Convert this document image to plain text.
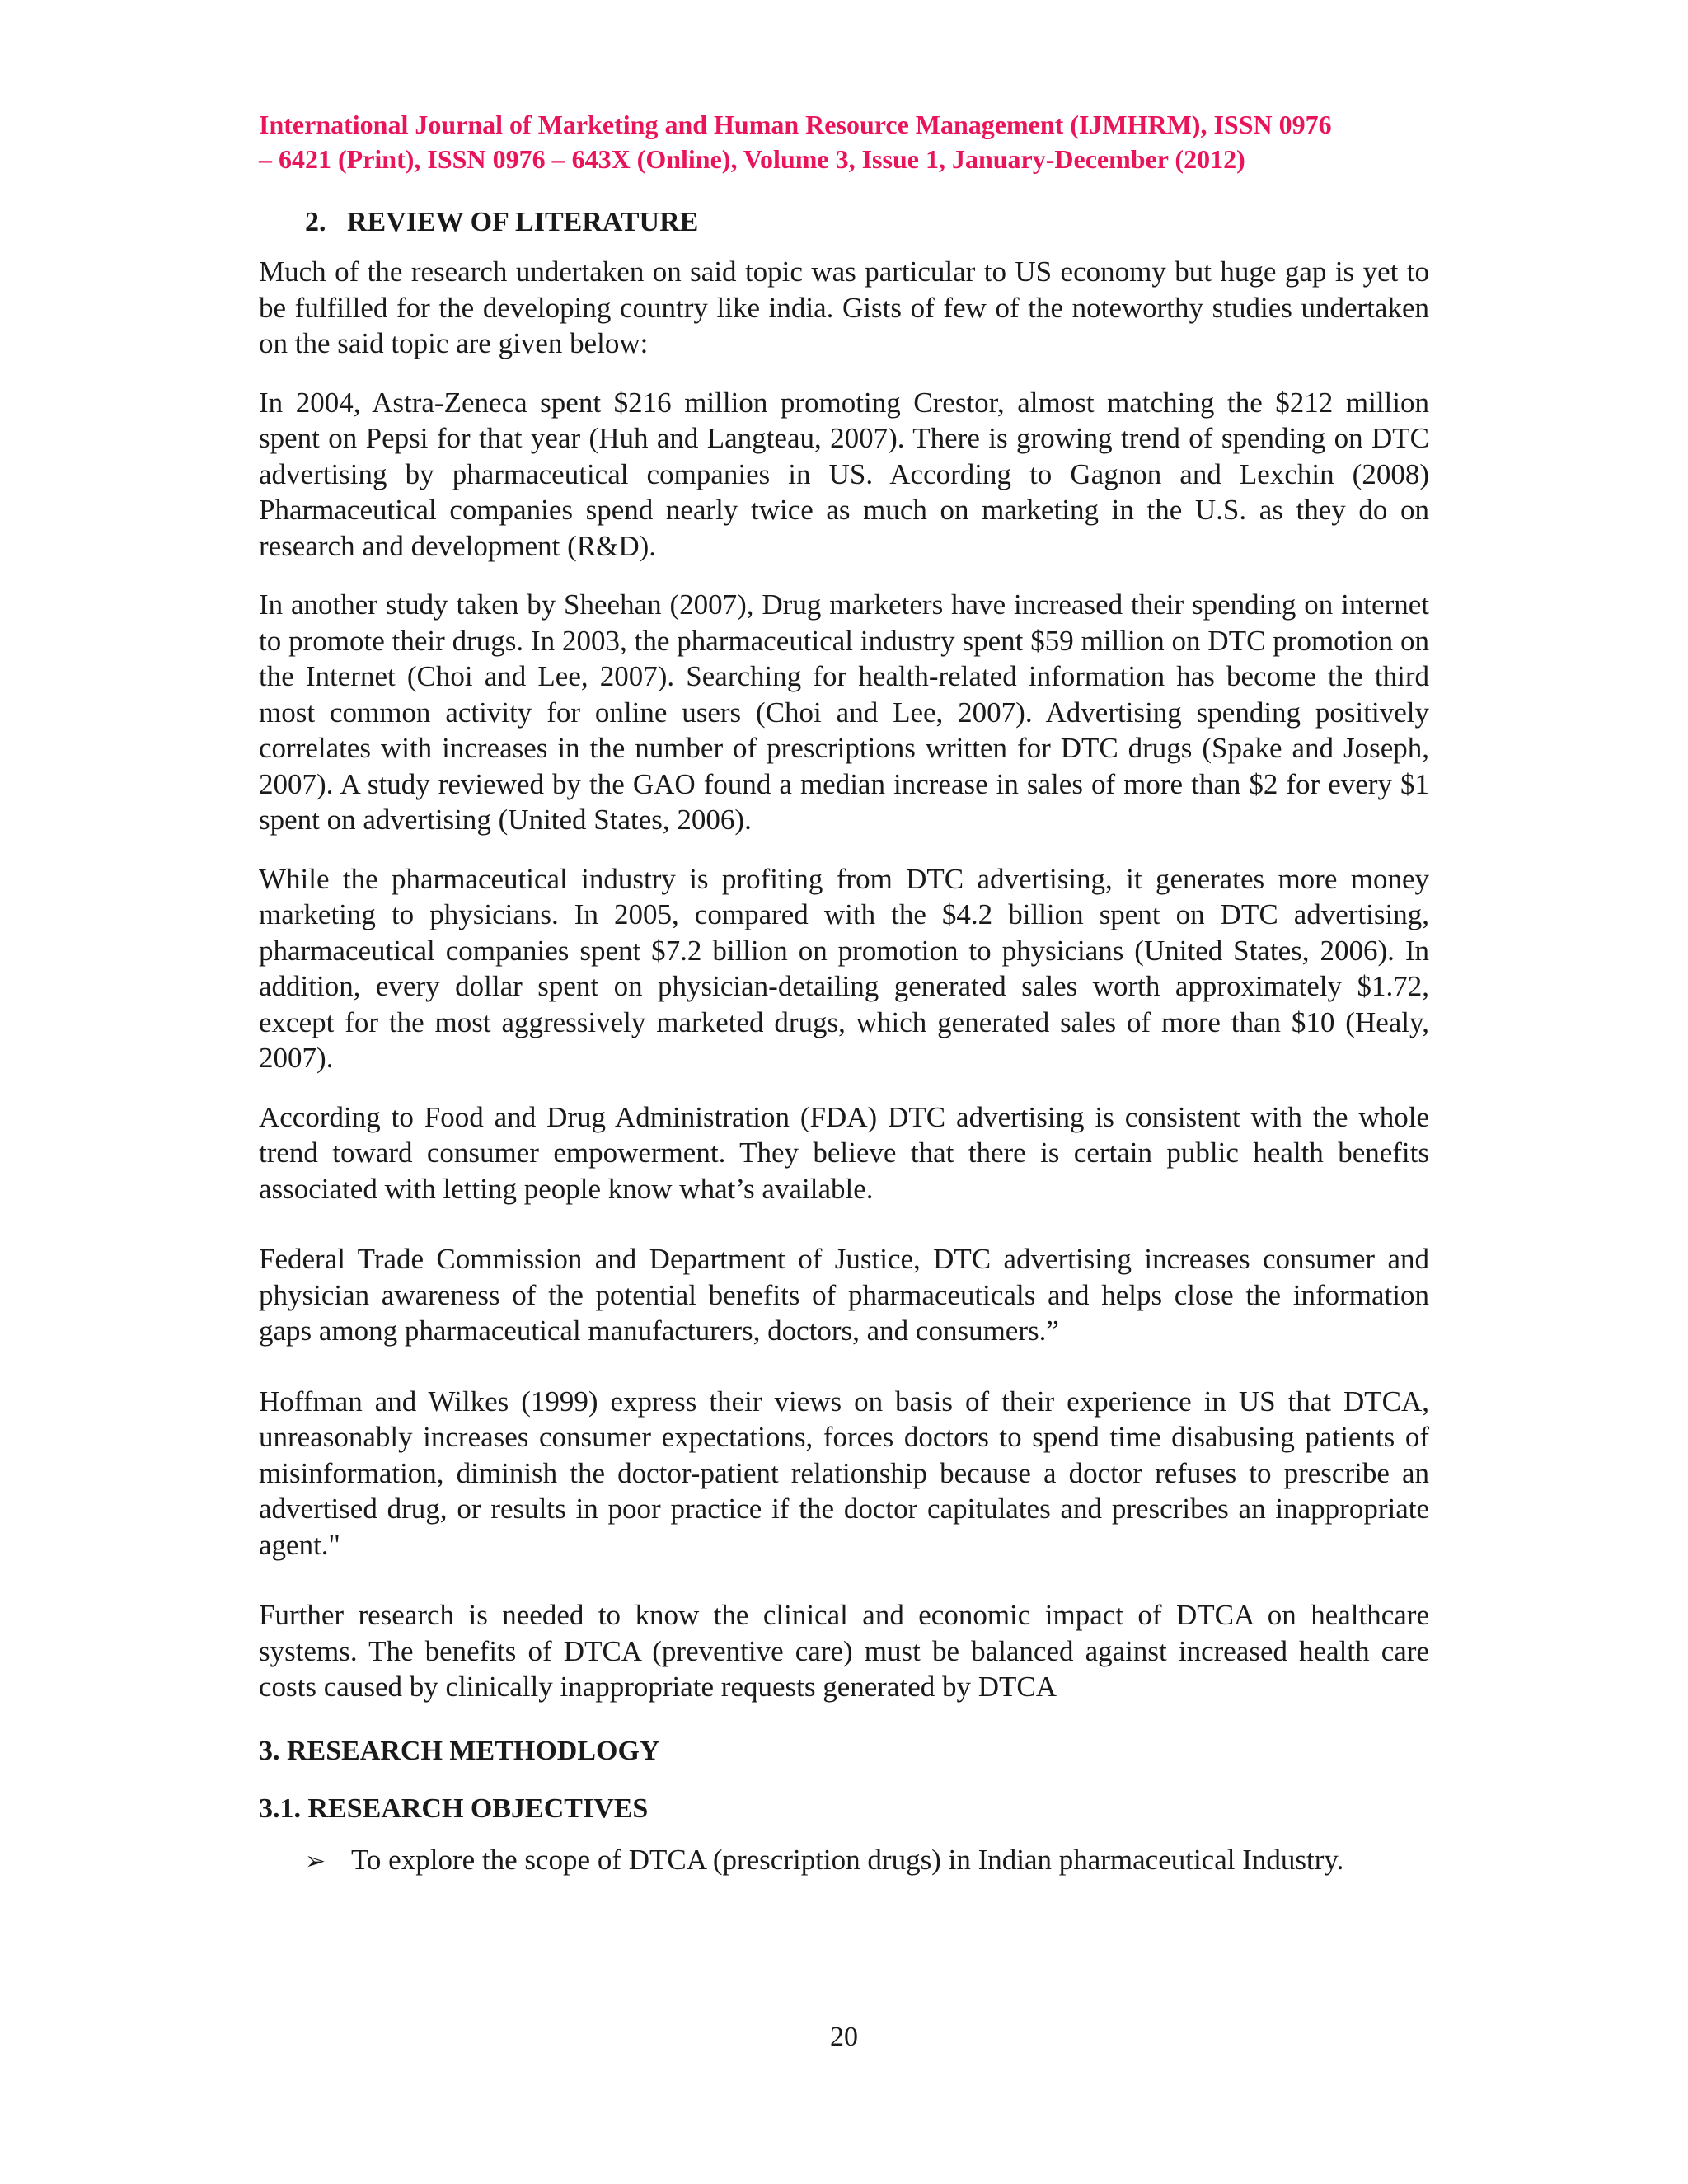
International Journal of Marketing and Human Resource Management (IJMHRM), ISSN 0976
– 6421 (Print), ISSN 0976 – 643X (Online), Volume 3, Issue 1, January-December (2012)
2.   REVIEW OF LITERATURE

Much of the research undertaken on said topic was particular to US economy but huge gap is yet to be fulfilled for the developing country like india. Gists of few of the noteworthy studies undertaken on the said topic are given below:

In 2004, Astra-Zeneca spent $216 million promoting Crestor, almost matching the $212 million spent on Pepsi for that year (Huh and Langteau, 2007). There is growing trend of spending on DTC advertising by pharmaceutical companies in US. According to Gagnon and Lexchin (2008) Pharmaceutical companies spend nearly twice as much on marketing in the U.S. as they do on research and development (R&D).

In another study taken by Sheehan (2007), Drug marketers have increased their spending on internet to promote their drugs. In 2003, the pharmaceutical industry spent $59 million on DTC promotion on the Internet (Choi and Lee, 2007). Searching for health-related information has become the third most common activity for online users (Choi and Lee, 2007). Advertising spending positively correlates with increases in the number of prescriptions written for DTC drugs (Spake and Joseph, 2007). A study reviewed by the GAO found a median increase in sales of more than $2 for every $1 spent on advertising (United States, 2006).

While the pharmaceutical industry is profiting from DTC advertising, it generates more money marketing to physicians. In 2005, compared with the $4.2 billion spent on DTC advertising, pharmaceutical companies spent $7.2 billion on promotion to physicians (United States, 2006). In addition, every dollar spent on physician-detailing generated sales worth approximately $1.72, except for the most aggressively marketed drugs, which generated sales of more than $10 (Healy, 2007).

According to Food and Drug Administration (FDA) DTC advertising is consistent with the whole trend toward consumer empowerment. They believe that there is certain public health benefits associated with letting people know what’s available.

Federal Trade Commission and Department of Justice, DTC advertising increases consumer and physician awareness of the potential benefits of pharmaceuticals and helps close the information gaps among pharmaceutical manufacturers, doctors, and consumers.”

Hoffman and Wilkes (1999) express their views on basis of their experience in US that DTCA, unreasonably increases consumer expectations, forces doctors to spend time disabusing patients of misinformation, diminish the doctor-patient relationship because a doctor refuses to prescribe an advertised drug, or results in poor practice if the doctor capitulates and prescribes an inappropriate agent."

Further research is needed to know the clinical and economic impact of DTCA on healthcare systems. The benefits of DTCA (preventive care) must be balanced against increased health care costs caused by clinically inappropriate requests generated by DTCA

3. RESEARCH METHODLOGY
3.1. RESEARCH OBJECTIVES
➢ To explore the scope of DTCA (prescription drugs) in Indian pharmaceutical Industry.
20
